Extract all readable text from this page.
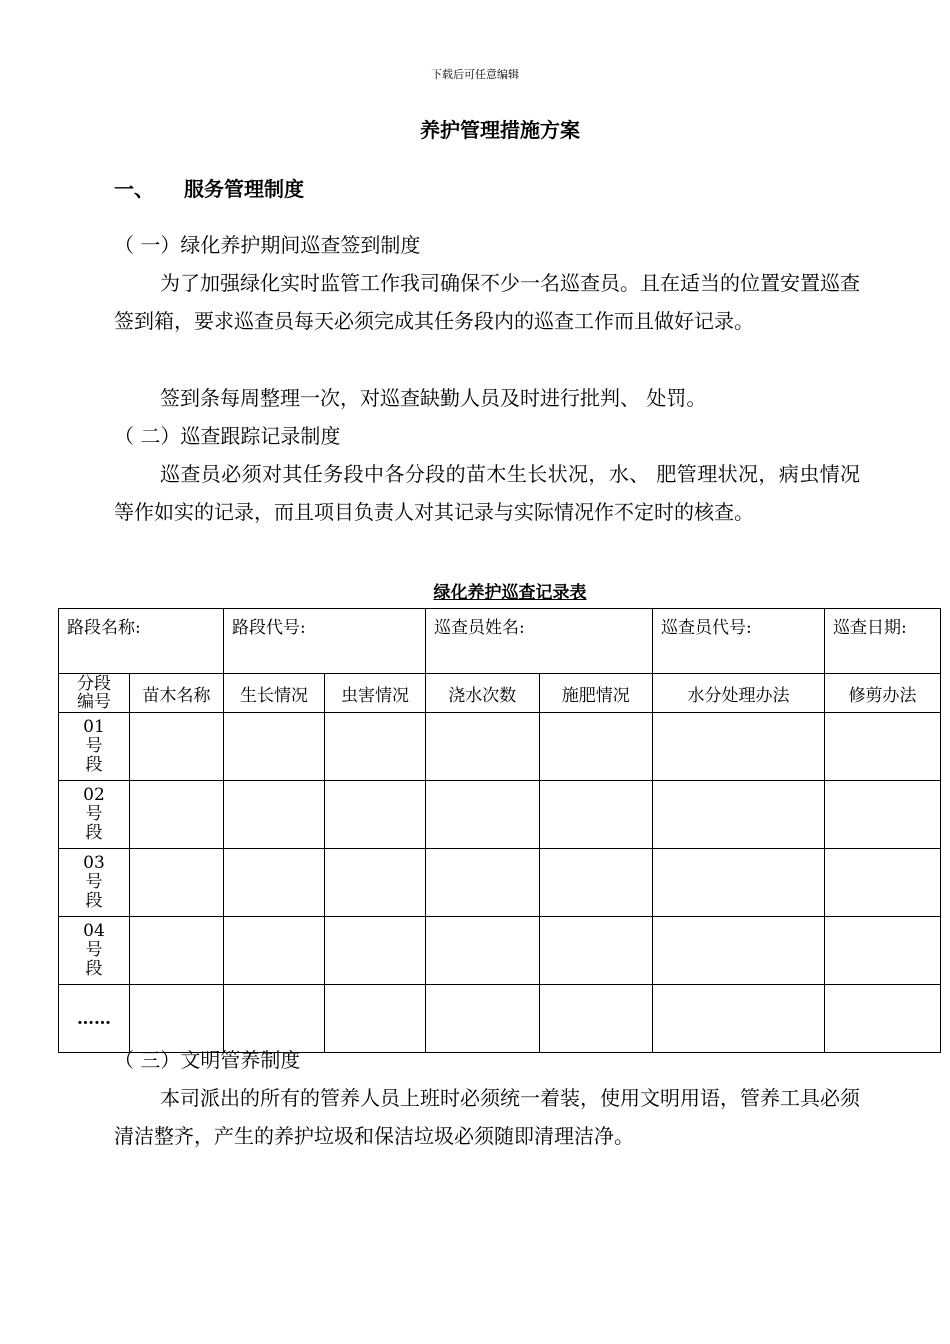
下载后可任意编辑
养护管理措施方案
一、 服务管理制度
（ 一）绿化养护期间巡查签到制度
为了加强绿化实时监管工作我司确保不少一名巡查员。且在适当的位置安置巡查签到箱，要求巡查员每天必须完成其任务段内的巡查工作而且做好记录。
签到条每周整理一次，对巡查缺勤人员及时进行批判、 处罚。
（ 二）巡查跟踪记录制度
巡查员必须对其任务段中各分段的苗木生长状况，水、 肥管理状况，病虫情况等作如实的记录，而且项目负责人对其记录与实际情况作不定时的核查。
绿化养护巡查记录表
路段名称:		路段代号:		巡查员姓名:		巡查员代号:	巡查日期:

分段
编号	苗木名称	生长情况	虫害情况	浇水次数	施肥情况	水分处理办法	修剪办法

01
号
段							

02
号
段							

03
号
段							

04
号
段							

……							
（ 三）文明管养制度
本司派出的所有的管养人员上班时必须统一着装，使用文明用语，管养工具必须清洁整齐，产生的养护垃圾和保洁垃圾必须随即清理洁净。
